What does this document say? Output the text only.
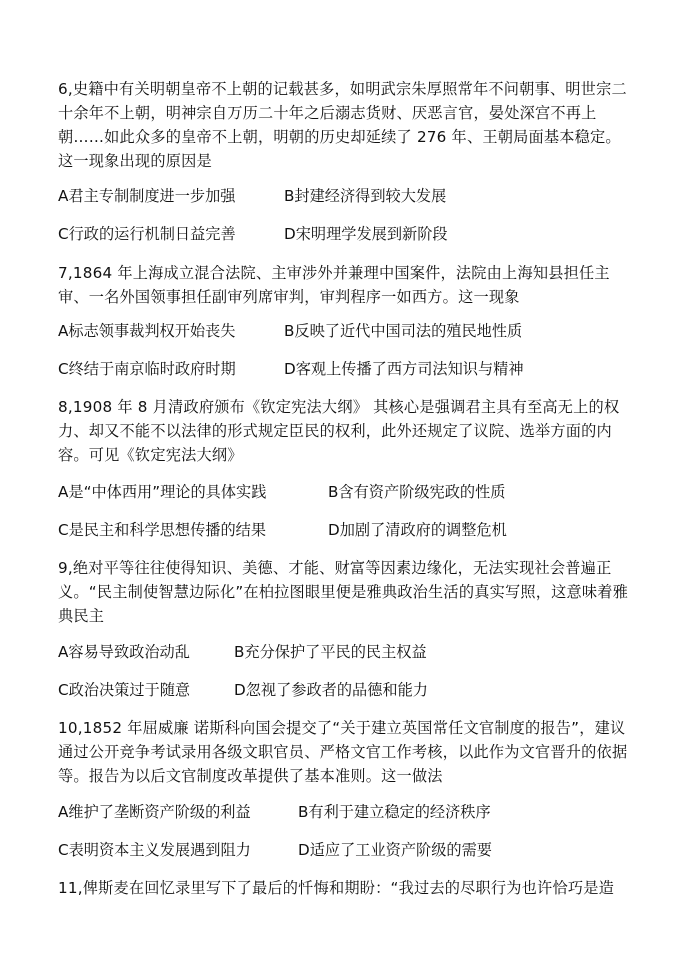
6,史籍中有关明朝皇帝不上朝的记载甚多，如明武宗朱厚照常年不问朝事、明世宗二十余年不上朝，明神宗自万历二十年之后溺志货财、厌恶言官，晏处深宫不再上朝……如此众多的皇帝不上朝，明朝的历史却延续了 276 年、王朝局面基本稳定。这一现象出现的原因是

A君主专制制度进一步加强	B封建经济得到较大发展
C行政的运行机制日益完善	D宋明理学发展到新阶段

7,1864 年上海成立混合法院、主审涉外并兼理中国案件，法院由上海知县担任主审、一名外国领事担任副审列席审判，审判程序一如西方。这一现象

A标志领事裁判权开始丧失	B反映了近代中国司法的殖民地性质
C终结于南京临时政府时期	D客观上传播了西方司法知识与精神

8,1908 年 8 月清政府颁布《钦定宪法大纲》 其核心是强调君主具有至高无上的权力、却又不能不以法律的形式规定臣民的权利，此外还规定了议院、选举方面的内容。可见《钦定宪法大纲》

A是“中体西用”理论的具体实践	B含有资产阶级宪政的性质
C是民主和科学思想传播的结果	D加剧了清政府的调整危机

9,绝对平等往往使得知识、美德、才能、财富等因素边缘化，无法实现社会普遍正义。“民主制使智慧边际化”在柏拉图眼里便是雅典政治生活的真实写照，这意味着雅典民主

A容易导致政治动乱	B充分保护了平民的民主权益
C政治决策过于随意	D忽视了参政者的品德和能力

10,1852 年屈威廉 诺斯科向国会提交了“关于建立英国常任文官制度的报告”，建议通过公开竞争考试录用各级文职官员、严格文官工作考核，以此作为文官晋升的依据等。报告为以后文官制度改革提供了基本准则。这一做法

A维护了垄断资产阶级的利益	B有利于建立稳定的经济秩序
C表明资本主义发展遇到阻力	D适应了工业资产阶级的需要

11,俾斯麦在回忆录里写下了最后的忏悔和期盼：“我过去的尽职行为也许恰巧是造
